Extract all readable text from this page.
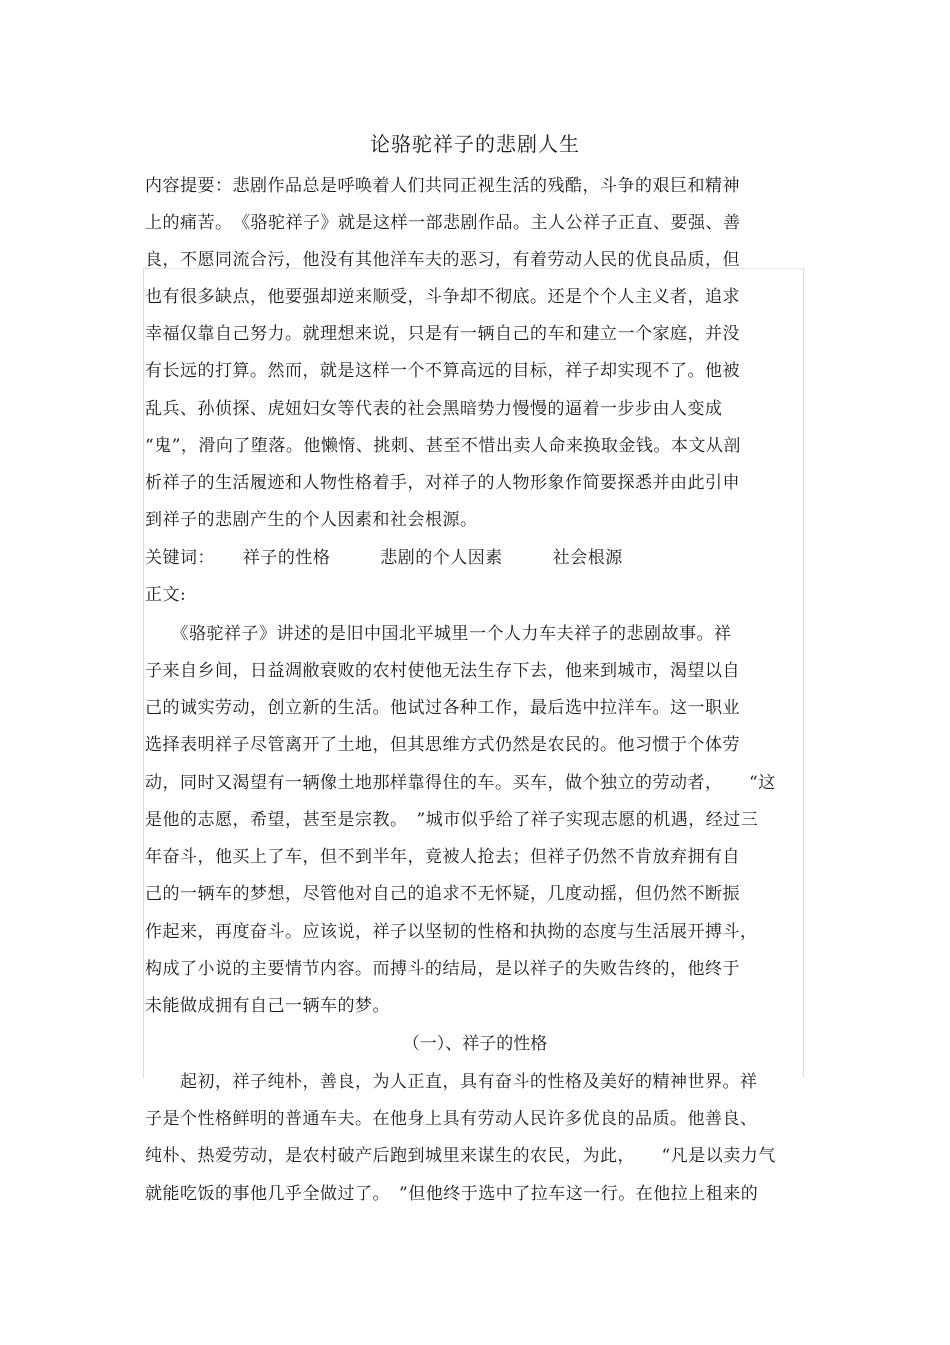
论骆驼祥子的悲剧人生
内容提要：悲剧作品总是呼唤着人们共同正视生活的残酷，斗争的艰巨和精神
上的痛苦。　《骆驼祥子》就是这样一部悲剧作品。主人公祥子正直、要强、善
良，不愿同流合污，他没有其他洋车夫的恶习，有着劳动人民的优良品质，但
也有很多缺点，他要强却逆来顺受，斗争却不彻底。还是个个人主义者，追求
幸福仅靠自己努力。就理想来说，只是有一辆自己的车和建立一个家庭，并没
有长远的打算。然而，就是这样一个不算高远的目标，祥子却实现不了。他被
乱兵、孙侦探、虎妞妇女等代表的社会黑暗势力慢慢的逼着一步步由人变成
“鬼”，滑向了堕落。他懒惰、挑刺、甚至不惜出卖人命来换取金钱。本文从剖
析祥子的生活履迹和人物性格着手，对祥子的人物形象作简要探悉并由此引申
到祥子的悲剧产生的个人因素和社会根源。
关键词： 祥子的性格	悲剧的个人因素	社会根源
正文:
　　《骆驼祥子》讲述的是旧中国北平城里一个人力车夫祥子的悲剧故事。祥
子来自乡间，日益凋敝衰败的农村使他无法生存下去，他来到城市，渴望以自
己的诚实劳动，创立新的生活。他试过各种工作，最后选中拉洋车。这一职业
选择表明祥子尽管离开了土地，但其思维方式仍然是农民的。他习惯于个体劳
动，同时又渴望有一辆像土地那样靠得住的车。买车，做个独立的劳动者，　　“这
是他的志愿，希望，甚至是宗教。　”城市似乎给了祥子实现志愿的机遇，经过三
年奋斗，他买上了车，但不到半年，竟被人抢去；但祥子仍然不肯放弃拥有自
己的一辆车的梦想，尽管他对自己的追求不无怀疑，几度动摇，但仍然不断振
作起来，再度奋斗。应该说，祥子以坚韧的性格和执拗的态度与生活展开搏斗，
构成了小说的主要情节内容。而搏斗的结局，是以祥子的失败告终的，他终于
未能做成拥有自己一辆车的梦。
（一）、祥子的性格
　　起初，祥子纯朴，善良，为人正直，具有奋斗的性格及美好的精神世界。祥
子是个性格鲜明的普通车夫。在他身上具有劳动人民许多优良的品质。他善良、
纯朴、热爱劳动，是农村破产后跑到城里来谋生的农民，为此，　　“凡是以卖力气
就能吃饭的事他几乎全做过了。　”但他终于选中了拉车这一行。在他拉上租来的
